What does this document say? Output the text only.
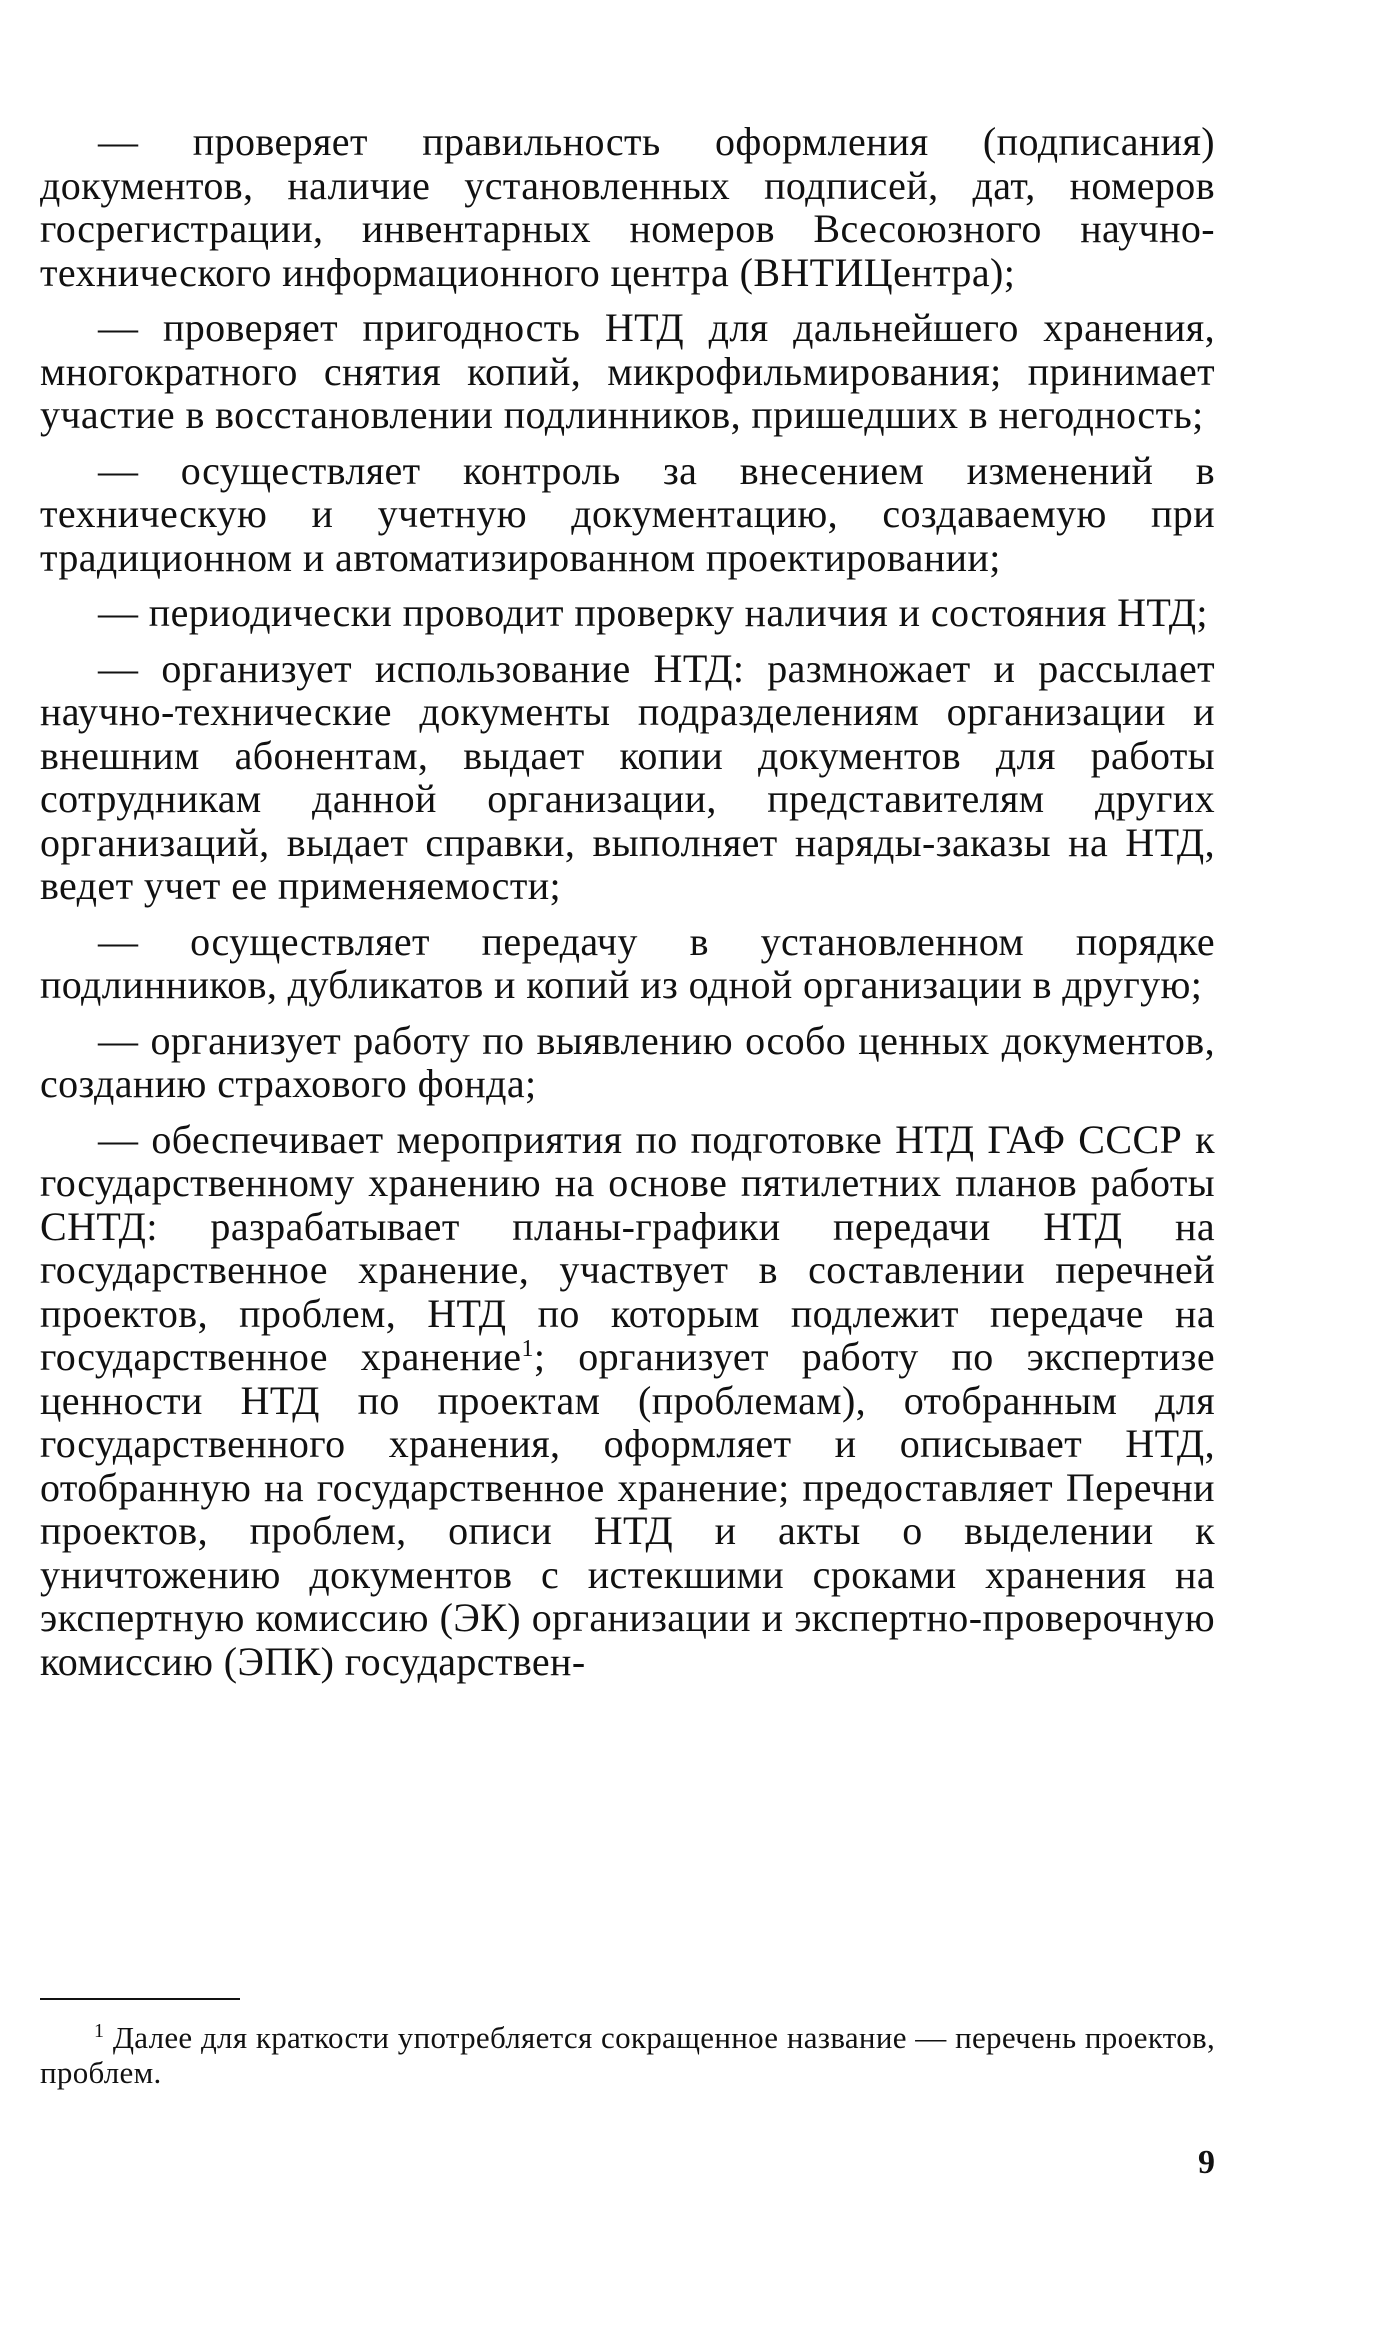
— проверяет правильность оформления (подписания) документов, наличие установленных подписей, дат, номеров госрегистрации, инвентарных номеров Всесоюзного научно-технического информационного центра (ВНТИЦентра);

— проверяет пригодность НТД для дальнейшего хранения, многократного снятия копий, микрофильмирования; принимает участие в восстановлении подлинников, пришедших в негодность;

— осуществляет контроль за внесением изменений в техническую и учетную документацию, создаваемую при традиционном и автоматизированном проектировании;

— периодически проводит проверку наличия и состояния НТД;

— организует использование НТД: размножает и рассылает научно-технические документы подразделениям организации и внешним абонентам, выдает копии документов для работы сотрудникам данной организации, представителям других организаций, выдает справки, выполняет наряды-заказы на НТД, ведет учет ее применяемости;

— осуществляет передачу в установленном порядке подлинников, дубликатов и копий из одной организации в другую;

— организует работу по выявлению особо ценных документов, созданию страхового фонда;

— обеспечивает мероприятия по подготовке НТД ГАФ СССР к государственному хранению на основе пятилетних планов работы СНТД: разрабатывает планы-графики передачи НТД на государственное хранение, участвует в составлении перечней проектов, проблем, НТД по которым подлежит передаче на государственное хранение$^1$; организует работу по экспертизе ценности НТД по проектам (проблемам), отобранным для государственного хранения, оформляет и описывает НТД, отобранную на государственное хранение; предоставляет Перечни проектов, проблем, описи НТД и акты о выделении к уничтожению документов с истекшими сроками хранения на экспертную комиссию (ЭК) организации и экспертно-проверочную комиссию (ЭПК) государствен-

$^1$ Далее для краткости употребляется сокращенное название — перечень проектов, проблем.

9
